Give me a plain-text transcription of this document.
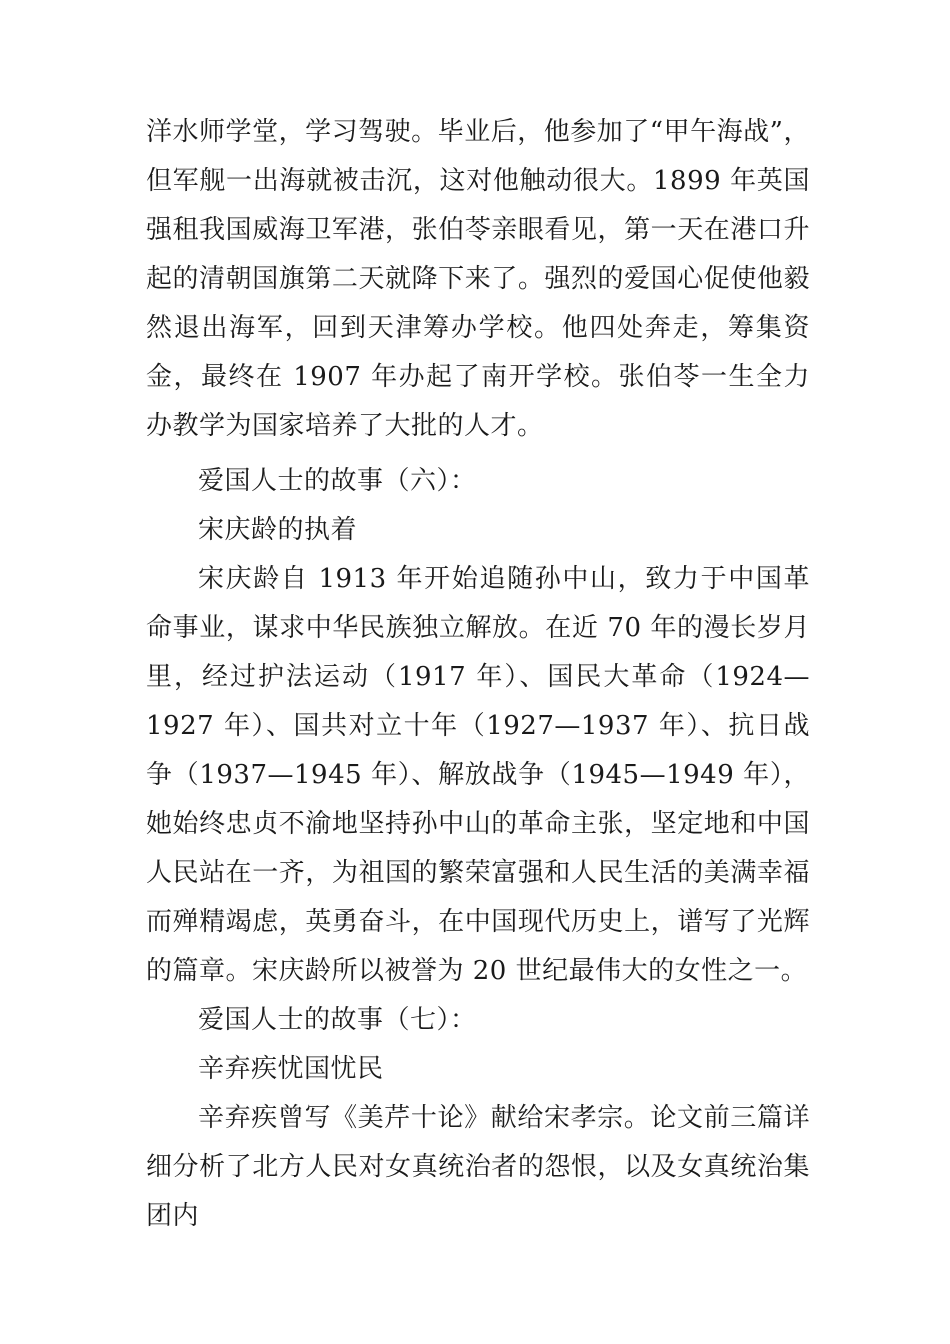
洋水师学堂，学习驾驶。毕业后，他参加了“甲午海战”，但军舰一出海就被击沉，这对他触动很大。1899 年英国强租我国威海卫军港，张伯苓亲眼看见，第一天在港口升起的清朝国旗第二天就降下来了。强烈的爱国心促使他毅然退出海军，回到天津筹办学校。他四处奔走，筹集资金，最终在 1907 年办起了南开学校。张伯苓一生全力办教学为国家培养了大批的人才。

爱国人士的故事（六）：

宋庆龄的执着

宋庆龄自 1913 年开始追随孙中山，致力于中国革命事业，谋求中华民族独立解放。在近 70 年的漫长岁月里，经过护法运动（1917 年）、国民大革命（1924—1927 年）、国共对立十年（1927—1937 年）、抗日战争（1937—1945 年）、解放战争（1945—1949 年），她始终忠贞不渝地坚持孙中山的革命主张，坚定地和中国人民站在一齐，为祖国的繁荣富强和人民生活的美满幸福而殚精竭虑，英勇奋斗，在中国现代历史上，谱写了光辉的篇章。宋庆龄所以被誉为 20 世纪最伟大的女性之一。

爱国人士的故事（七）：

辛弃疾忧国忧民

辛弃疾曾写《美芹十论》献给宋孝宗。论文前三篇详细分析了北方人民对女真统治者的怨恨，以及女真统治集团内
